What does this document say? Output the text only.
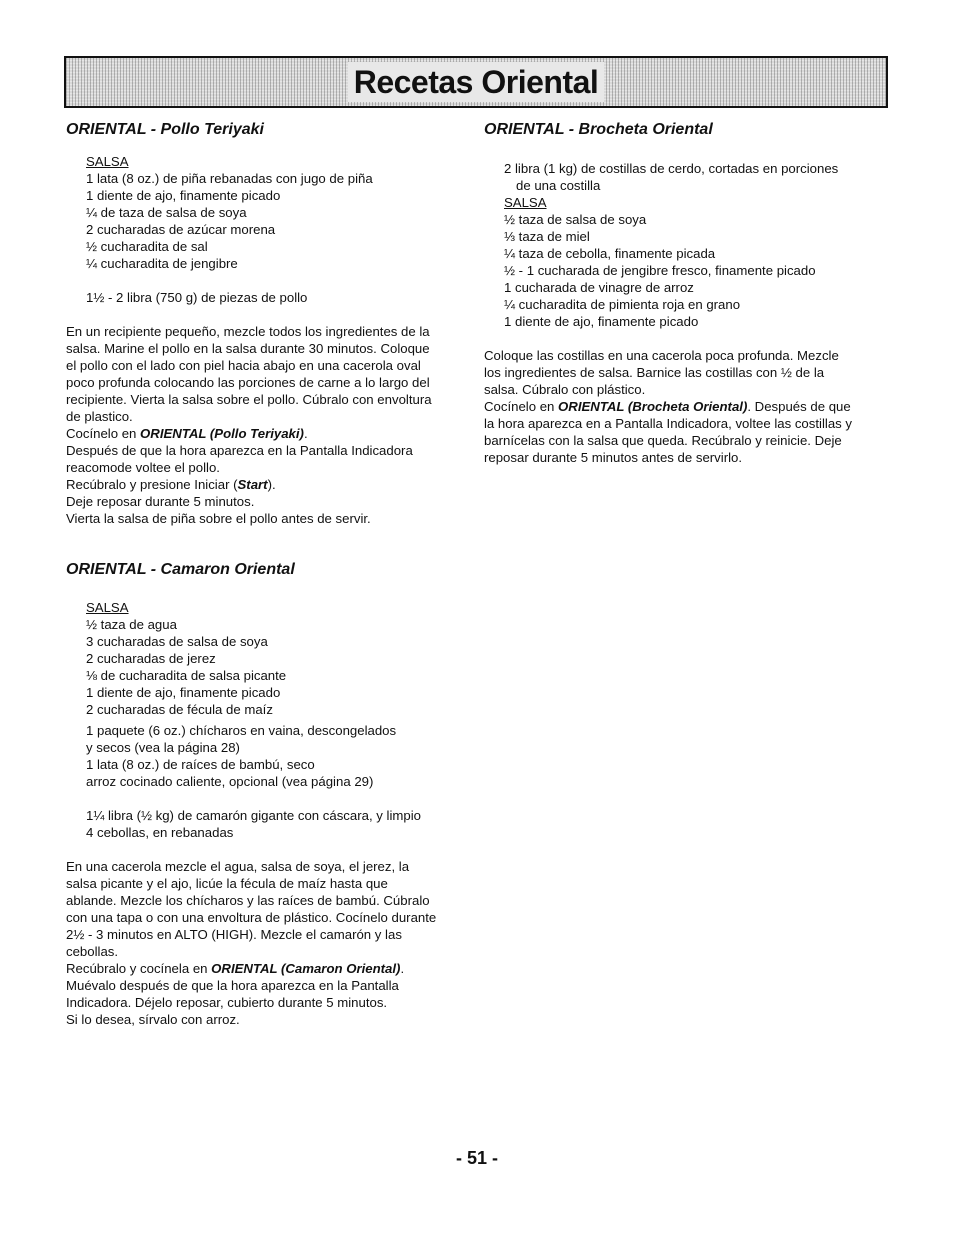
Recetas Oriental
ORIENTAL - Pollo Teriyaki
SALSA
1 lata (8 oz.) de piña rebanadas con jugo de piña
1 diente de ajo, finamente picado
¼ de taza de salsa de soya
2 cucharadas de azúcar morena
½ cucharadita de sal
¼ cucharadita de jengibre
1½ - 2 libra (750 g) de piezas de pollo

En un recipiente pequeño, mezcle todos los ingredientes de la

salsa. Marine el pollo en la salsa durante 30 minutos. Coloque

el pollo con el lado con piel hacia abajo en una cacerola oval

poco profunda colocando las porciones de carne a lo largo del

recipiente. Vierta la salsa sobre el pollo. Cúbralo con envoltura

de plastico.

Cocínelo en ORIENTAL (Pollo Teriyaki).

Después de que la hora aparezca en la Pantalla Indicadora

reacomode voltee el pollo.

Recúbralo y presione Iniciar (Start).

Deje reposar durante 5 minutos.

Vierta la salsa de piña sobre el pollo antes de servir.

ORIENTAL - Brocheta Oriental
2 libra (1 kg) de costillas de cerdo, cortadas en porciones
de una costilla
SALSA
½ taza de salsa de soya
⅓ taza de miel
¼ taza de cebolla, finamente picada
½ - 1 cucharada de jengibre fresco, finamente picado
1 cucharada de vinagre de arroz
¼ cucharadita de pimienta roja en grano
1 diente de ajo, finamente picado

Coloque las costillas en una cacerola poca profunda. Mezcle

los ingredientes de salsa. Barnice las costillas con ½ de la

salsa. Cúbralo con plástico.

Cocínelo en ORIENTAL (Brocheta Oriental). Después de que

la hora aparezca en a Pantalla Indicadora, voltee las costillas y

barnícelas con la salsa que queda. Recúbralo y reinicie. Deje

reposar durante 5 minutos antes de servirlo.

ORIENTAL - Camaron Oriental
SALSA
½ taza de agua
3 cucharadas de salsa de soya
2 cucharadas de jerez
⅛ de cucharadita de salsa picante
1 diente de ajo, finamente picado
2 cucharadas de fécula de maíz
1 paquete (6 oz.) chícharos en vaina, descongelados
y secos (vea la página 28)
1 lata (8 oz.) de raíces de bambú, seco
arroz cocinado caliente, opcional (vea página 29)
1¼ libra (½ kg) de camarón gigante con cáscara, y limpio
4 cebollas, en rebanadas

En una cacerola mezcle el agua, salsa de soya, el jerez, la

salsa picante y el ajo, licúe la fécula de maíz hasta que

ablande. Mezcle los chícharos y las raíces de bambú. Cúbralo

con una tapa o con una envoltura de plástico. Cocínelo durante

2½ - 3 minutos en ALTO (HIGH). Mezcle el camarón y las

cebollas.

Recúbralo y cocínela en ORIENTAL (Camaron Oriental).

Muévalo después de que la hora aparezca en la Pantalla

Indicadora. Déjelo reposar, cubierto durante 5 minutos.

Si lo desea, sírvalo con arroz.

- 51 -
